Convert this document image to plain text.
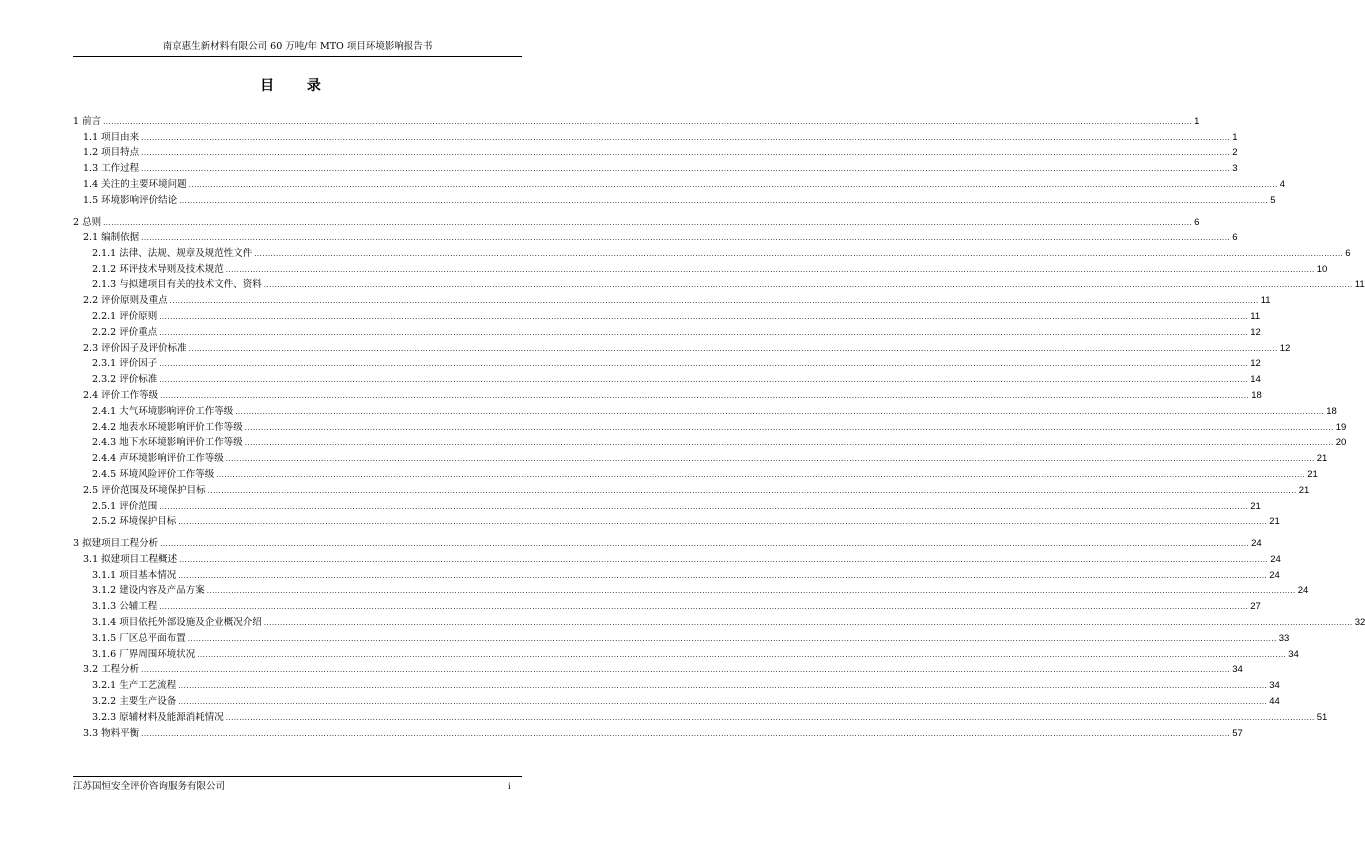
南京惠生新材料有限公司 60 万吨/年 MTO 项目环境影响报告书
目 录
1 前言 ................................................................................................................................................................................................................................................................................................................................................................................................................ 1
1.1 项目由来 ................................................................................................................................................................................................................................................................................................................................................................................................................ 1
1.2 项目特点 ................................................................................................................................................................................................................................................................................................................................................................................................................ 2
1.3 工作过程 ................................................................................................................................................................................................................................................................................................................................................................................................................ 3
1.4 关注的主要环境问题 ................................................................................................................................................................................................................................................................................................................................................................................................................ 4
1.5 环境影响评价结论 ................................................................................................................................................................................................................................................................................................................................................................................................................ 5
2 总则 ................................................................................................................................................................................................................................................................................................................................................................................................................ 6
2.1 编制依据 ................................................................................................................................................................................................................................................................................................................................................................................................................ 6
2.1.1 法律、法规、规章及规范性文件 ................................................................................................................................................................................................................................................................................................................................................................................................................ 6
2.1.2 环评技术导则及技术规范 ................................................................................................................................................................................................................................................................................................................................................................................................................ 10
2.1.3 与拟建项目有关的技术文件、资料 ................................................................................................................................................................................................................................................................................................................................................................................................................ 11
2.2 评价原则及重点 ................................................................................................................................................................................................................................................................................................................................................................................................................ 11
2.2.1 评价原则 ................................................................................................................................................................................................................................................................................................................................................................................................................ 11
2.2.2 评价重点 ................................................................................................................................................................................................................................................................................................................................................................................................................ 12
2.3 评价因子及评价标准 ................................................................................................................................................................................................................................................................................................................................................................................................................ 12
2.3.1 评价因子 ................................................................................................................................................................................................................................................................................................................................................................................................................ 12
2.3.2 评价标准 ................................................................................................................................................................................................................................................................................................................................................................................................................ 14
2.4 评价工作等级 ................................................................................................................................................................................................................................................................................................................................................................................................................ 18
2.4.1 大气环境影响评价工作等级 ................................................................................................................................................................................................................................................................................................................................................................................................................ 18
2.4.2 地表水环境影响评价工作等级 ................................................................................................................................................................................................................................................................................................................................................................................................................ 19
2.4.3 地下水环境影响评价工作等级 ................................................................................................................................................................................................................................................................................................................................................................................................................ 20
2.4.4 声环境影响评价工作等级 ................................................................................................................................................................................................................................................................................................................................................................................................................ 21
2.4.5 环境风险评价工作等级 ................................................................................................................................................................................................................................................................................................................................................................................................................ 21
2.5 评价范围及环境保护目标 ................................................................................................................................................................................................................................................................................................................................................................................................................ 21
2.5.1 评价范围 ................................................................................................................................................................................................................................................................................................................................................................................................................ 21
2.5.2 环境保护目标 ................................................................................................................................................................................................................................................................................................................................................................................................................ 21
3 拟建项目工程分析 ................................................................................................................................................................................................................................................................................................................................................................................................................ 24
3.1 拟建项目工程概述 ................................................................................................................................................................................................................................................................................................................................................................................................................ 24
3.1.1 项目基本情况 ................................................................................................................................................................................................................................................................................................................................................................................................................ 24
3.1.2 建设内容及产品方案 ................................................................................................................................................................................................................................................................................................................................................................................................................ 24
3.1.3 公辅工程 ................................................................................................................................................................................................................................................................................................................................................................................................................ 27
3.1.4 项目依托外部设施及企业概况介绍 ................................................................................................................................................................................................................................................................................................................................................................................................................ 32
3.1.5 厂区总平面布置 ................................................................................................................................................................................................................................................................................................................................................................................................................ 33
3.1.6 厂界周围环境状况 ................................................................................................................................................................................................................................................................................................................................................................................................................ 34
3.2 工程分析 ................................................................................................................................................................................................................................................................................................................................................................................................................ 34
3.2.1 生产工艺流程 ................................................................................................................................................................................................................................................................................................................................................................................................................ 34
3.2.2 主要生产设备 ................................................................................................................................................................................................................................................................................................................................................................................................................ 44
3.2.3 原辅材料及能源消耗情况 ................................................................................................................................................................................................................................................................................................................................................................................................................ 51
3.3 物料平衡 ................................................................................................................................................................................................................................................................................................................................................................................................................ 57
江苏国恒安全评价咨询服务有限公司	i
